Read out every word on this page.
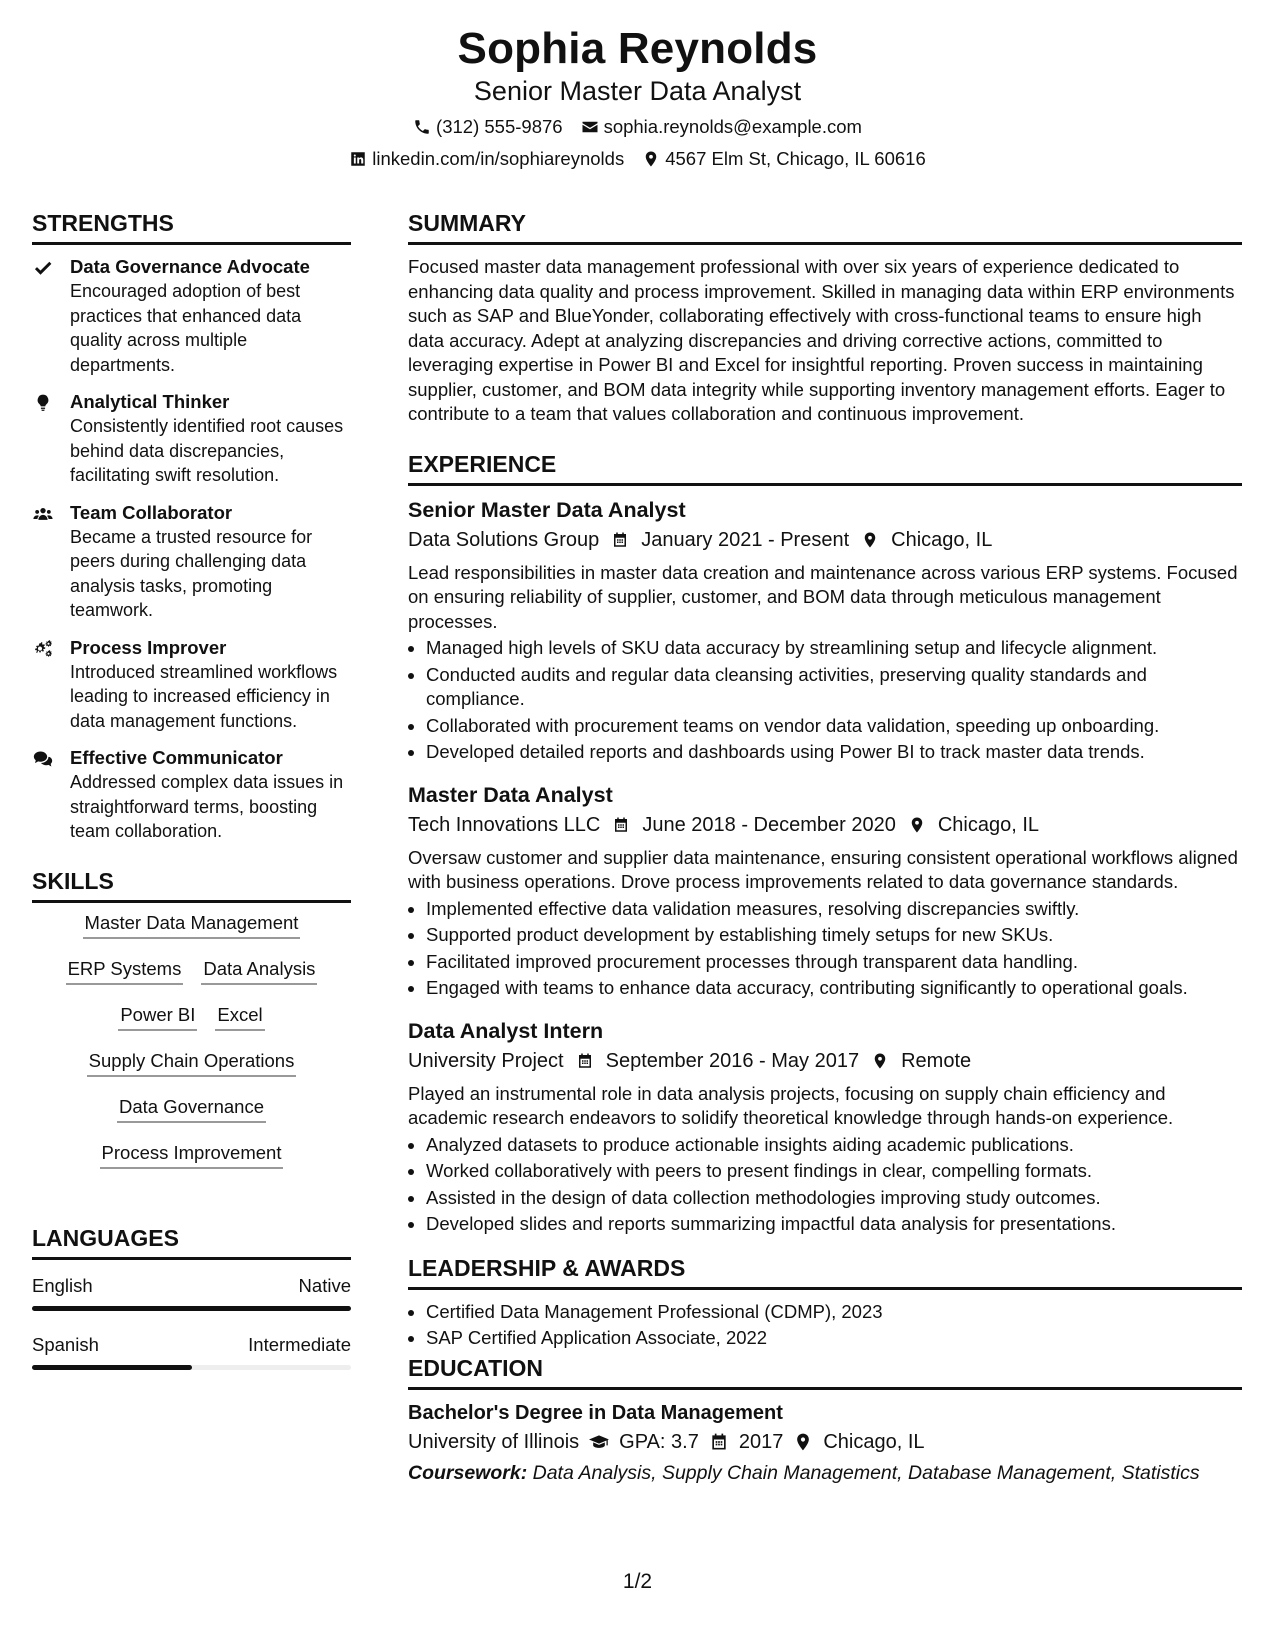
Sophia Reynolds
Senior Master Data Analyst
(312) 555-9876 sophia.reynolds@example.com
linkedin.com/in/sophiareynolds 4567 Elm St, Chicago, IL 60616
STRENGTHS
Data Governance Advocate
Encouraged adoption of best practices that enhanced data quality across multiple departments.
Analytical Thinker
Consistently identified root causes behind data discrepancies, facilitating swift resolution.
Team Collaborator
Became a trusted resource for peers during challenging data analysis tasks, promoting teamwork.
Process Improver
Introduced streamlined workflows leading to increased efficiency in data management functions.
Effective Communicator
Addressed complex data issues in straightforward terms, boosting team collaboration.
SKILLS
Master Data Management
ERP Systems Data Analysis
Power BI Excel
Supply Chain Operations
Data Governance
Process Improvement
LANGUAGES
English	Native
Spanish	Intermediate
SUMMARY
Focused master data management professional with over six years of experience dedicated to enhancing data quality and process improvement. Skilled in managing data within ERP environments such as SAP and BlueYonder, collaborating effectively with cross-functional teams to ensure high data accuracy. Adept at analyzing discrepancies and driving corrective actions, committed to leveraging expertise in Power BI and Excel for insightful reporting. Proven success in maintaining supplier, customer, and BOM data integrity while supporting inventory management efforts. Eager to contribute to a team that values collaboration and continuous improvement.
EXPERIENCE
Senior Master Data Analyst
Data Solutions Group January 2021 - Present Chicago, IL
Lead responsibilities in master data creation and maintenance across various ERP systems. Focused on ensuring reliability of supplier, customer, and BOM data through meticulous management processes.
• Managed high levels of SKU data accuracy by streamlining setup and lifecycle alignment.
• Conducted audits and regular data cleansing activities, preserving quality standards and compliance.
• Collaborated with procurement teams on vendor data validation, speeding up onboarding.
• Developed detailed reports and dashboards using Power BI to track master data trends.
Master Data Analyst
Tech Innovations LLC June 2018 - December 2020 Chicago, IL
Oversaw customer and supplier data maintenance, ensuring consistent operational workflows aligned with business operations. Drove process improvements related to data governance standards.
• Implemented effective data validation measures, resolving discrepancies swiftly.
• Supported product development by establishing timely setups for new SKUs.
• Facilitated improved procurement processes through transparent data handling.
• Engaged with teams to enhance data accuracy, contributing significantly to operational goals.
Data Analyst Intern
University Project September 2016 - May 2017 Remote
Played an instrumental role in data analysis projects, focusing on supply chain efficiency and academic research endeavors to solidify theoretical knowledge through hands-on experience.
• Analyzed datasets to produce actionable insights aiding academic publications.
• Worked collaboratively with peers to present findings in clear, compelling formats.
• Assisted in the design of data collection methodologies improving study outcomes.
• Developed slides and reports summarizing impactful data analysis for presentations.
LEADERSHIP & AWARDS
• Certified Data Management Professional (CDMP), 2023
• SAP Certified Application Associate, 2022
EDUCATION
Bachelor's Degree in Data Management
University of Illinois GPA: 3.7 2017 Chicago, IL
Coursework: Data Analysis, Supply Chain Management, Database Management, Statistics
1/2
